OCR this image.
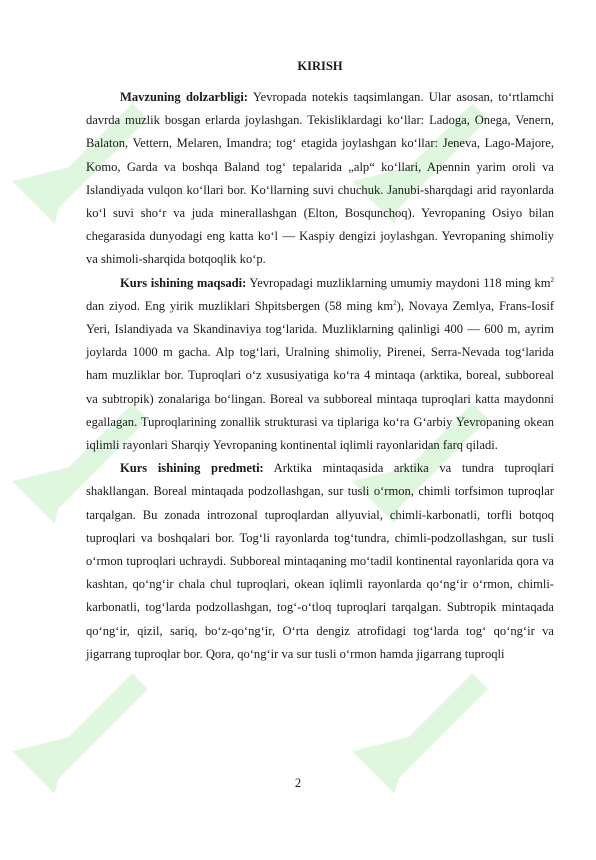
KIRISH

Mavzuning dolzarbligi: Yevropada notekis taqsimlangan. Ular asosan, to‘rtlamchi davrda muzlik bosgan erlarda joylashgan. Tekisliklardagi ko‘llar: Ladoga, Onega, Venern, Balaton, Vettern, Melaren, Imandra; tog‘ etagida joylashgan ko‘llar: Jeneva, Lago-Majore, Komo, Garda va boshqa Baland tog‘ tepalarida „alp“ ko‘llari, Apennin yarim oroli va Islandiyada vulqon ko‘llari bor. Ko‘llarning suvi chuchuk. Janubi-sharqdagi arid rayonlarda ko‘l suvi sho‘r va juda minerallashgan (Elton, Bosqunchoq). Yevropaning Osiyo bilan chegarasida dunyodagi eng katta ko‘l — Kaspiy dengizi joylashgan. Yevropaning shimoliy va shimoli-sharqida botqoqlik ko‘p.

Kurs ishining maqsadi: Yevropadagi muzliklarning umumiy maydoni 118 ming $km^2$ dan ziyod. Eng yirik muzliklari Shpitsbergen (58 ming $km^2$), Novaya Zemlya, Frans-Iosif Yeri, Islandiyada va Skandinaviya tog‘larida. Muzliklarning qalinligi 400 — 600 m, ayrim joylarda 1000 m gacha. Alp tog‘lari, Uralning shimoliy, Pirenei, Serra-Nevada tog‘larida ham muzliklar bor. Tuproqlari o‘z xususiyatiga ko‘ra 4 mintaqa (arktika, boreal, subboreal va subtropik) zonalariga bo‘lingan. Boreal va subboreal mintaqa tuproqlari katta maydonni egallagan. Tuproqlarining zonallik strukturasi va tiplariga ko‘ra G‘arbiy Yevropaning okean iqlimli rayonlari Sharqiy Yevropaning kontinental iqlimli rayonlaridan farq qiladi.

Kurs ishining predmeti: Arktika mintaqasida arktika va tundra tuproqlari shakllangan. Boreal mintaqada podzollashgan, sur tusli o‘rmon, chimli torfsimon tuproqlar tarqalgan. Bu zonada introzonal tuproqlardan allyuvial, chimli-karbonatli, torfli botqoq tuproqlari va boshqalari bor. Tog‘li rayonlarda tog‘tundra, chimli-podzollashgan, sur tusli o‘rmon tuproqlari uchraydi. Subboreal mintaqaning mo‘tadil kontinental rayonlarida qora va kashtan, qo‘ng‘ir chala chul tuproqlari, okean iqlimli rayonlarda qo‘ng‘ir o‘rmon, chimli-karbonatli, tog‘larda podzollashgan, tog‘-o‘tloq tuproqlari tarqalgan. Subtropik mintaqada qo‘ng‘ir, qizil, sariq, bo‘z-qo‘ng‘ir, O‘rta dengiz atrofidagi tog‘larda tog‘ qo‘ng‘ir va jigarrang tuproqlar bor. Qora, qo‘ng‘ir va sur tusli o‘rmon hamda jigarrang tuproqli

2
